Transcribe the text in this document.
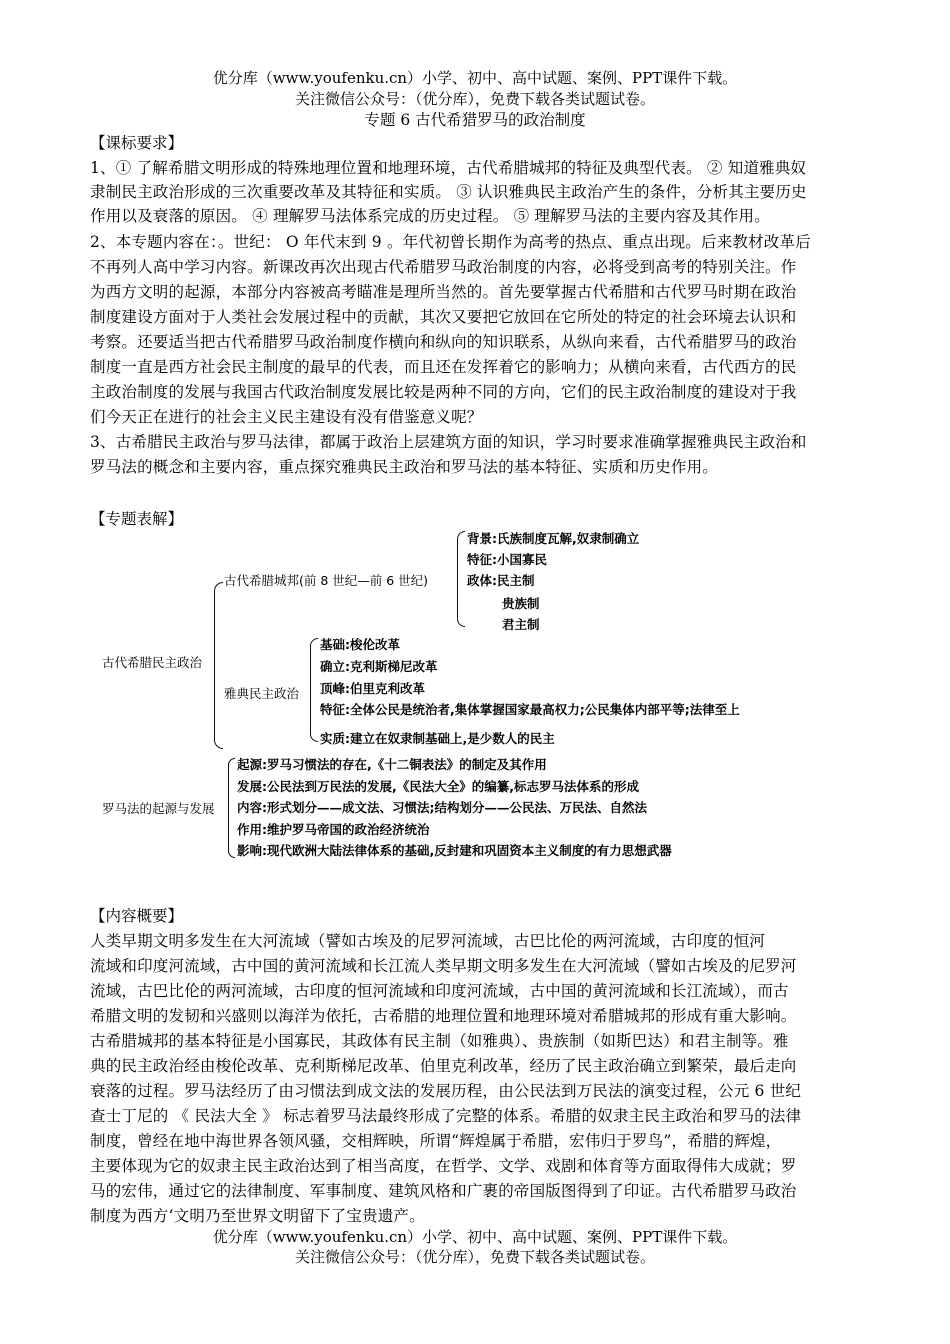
优分库（www.youfenku.cn）小学、初中、高中试题、案例、PPT课件下载。
关注微信公众号：（优分库），免费下载各类试题试卷。
专题 6 古代希猎罗马的政治制度
【课标要求】
1、① 了解希腊文明形成的特殊地理位置和地理环境，古代希腊城邦的特征及典型代表。 ② 知道雅典奴
隶制民主政治形成的三次重要改革及其特征和实质。 ③ 认识雅典民主政治产生的条件，分析其主要历史
作用以及衰落的原因。 ④ 理解罗马法体系完成的历史过程。 ⑤ 理解罗马法的主要内容及其作用。
2、本专题内容在：。世纪： O 年代末到 9 。年代初曾长期作为高考的热点、重点出现。后来教材改革后
不再列人高中学习内容。新课改再次出现古代希腊罗马政治制度的内容，必将受到高考的特别关注。作
为西方文明的起源，本部分内容被高考瞄准是理所当然的。首先要掌握古代希腊和古代罗马时期在政治
制度建设方面对于人类社会发展过程中的贡献，其次又要把它放回在它所处的特定的社会环境去认识和
考察。还要适当把古代希腊罗马政治制度作横向和纵向的知识联系，从纵向来看，古代希腊罗马的政治
制度一直是西方社会民主制度的最早的代表，而且还在发挥着它的影响力；从横向来看，古代西方的民
主政治制度的发展与我国古代政治制度发展比较是两种不同的方向，它们的民主政治制度的建设对于我
们今天正在进行的社会主义民主建设有没有借鉴意义呢？
3、古希腊民主政治与罗马法律，都属于政治上层建筑方面的知识，学习时要求准确掌握雅典民主政治和
罗马法的概念和主要内容，重点探究雅典民主政治和罗马法的基本特征、实质和历史作用。
【专题表解】
古代希腊民主政治
古代希腊城邦(前 8 世纪—前 6 世纪)
背景:氏族制度瓦解,奴隶制确立
特征:小国寡民
政体:民主制
贵族制
君主制
雅典民主政治
基础:梭伦改革
确立:克利斯梯尼改革
顶峰:伯里克利改革
特征:全体公民是统治者,集体掌握国家最高权力;公民集体内部平等;法律至上
实质:建立在奴隶制基础上,是少数人的民主
罗马法的起源与发展
起源:罗马习惯法的存在,《十二铜表法》的制定及其作用
发展:公民法到万民法的发展,《民法大全》的编纂,标志罗马法体系的形成
内容:形式划分——成文法、习惯法;结构划分——公民法、万民法、自然法
作用:维护罗马帝国的政治经济统治
影响:现代欧洲大陆法律体系的基础,反封建和巩固资本主义制度的有力思想武器
【内容概要】
人类早期文明多发生在大河流域（譬如古埃及的尼罗河流域，古巴比伦的两河流域，古印度的恒河
流域和印度河流域，古中国的黄河流域和长江流人类早期文明多发生在大河流域（譬如古埃及的尼罗河
流域，古巴比伦的两河流域，古印度的恒河流域和印度河流域，古中国的黄河流域和长江流域），而古
希腊文明的发韧和兴盛则以海洋为依托，古希腊的地理位置和地理环境对希腊城邦的形成有重大影响。
古希腊城邦的基本特征是小国寡民，其政体有民主制（如雅典）、贵族制（如斯巴达）和君主制等。雅
典的民主政治经由梭伦改革、克利斯梯尼改革、伯里克利改革，经历了民主政治确立到繁荣，最后走向
衰落的过程。罗马法经历了由习惯法到成文法的发展历程，由公民法到万民法的演变过程，公元 6 世纪
查士丁尼的 《 民法大全 》 标志着罗马法最终形成了完整的体系。希腊的奴隶主民主政治和罗马的法律
制度，曾经在地中海世界各领风骚，交相辉映，所谓“辉煌属于希腊，宏伟归于罗鸟”，希腊的辉煌，
主要体现为它的奴隶主民主政治达到了相当高度，在哲学、文学、戏剧和体育等方面取得伟大成就；罗
马的宏伟，通过它的法律制度、军事制度、建筑风格和广裹的帝国版图得到了印证。古代希腊罗马政治
制度为西方‘文明乃至世界文明留下了宝贵遗产。
优分库（www.youfenku.cn）小学、初中、高中试题、案例、PPT课件下载。
关注微信公众号：（优分库），免费下载各类试题试卷。
